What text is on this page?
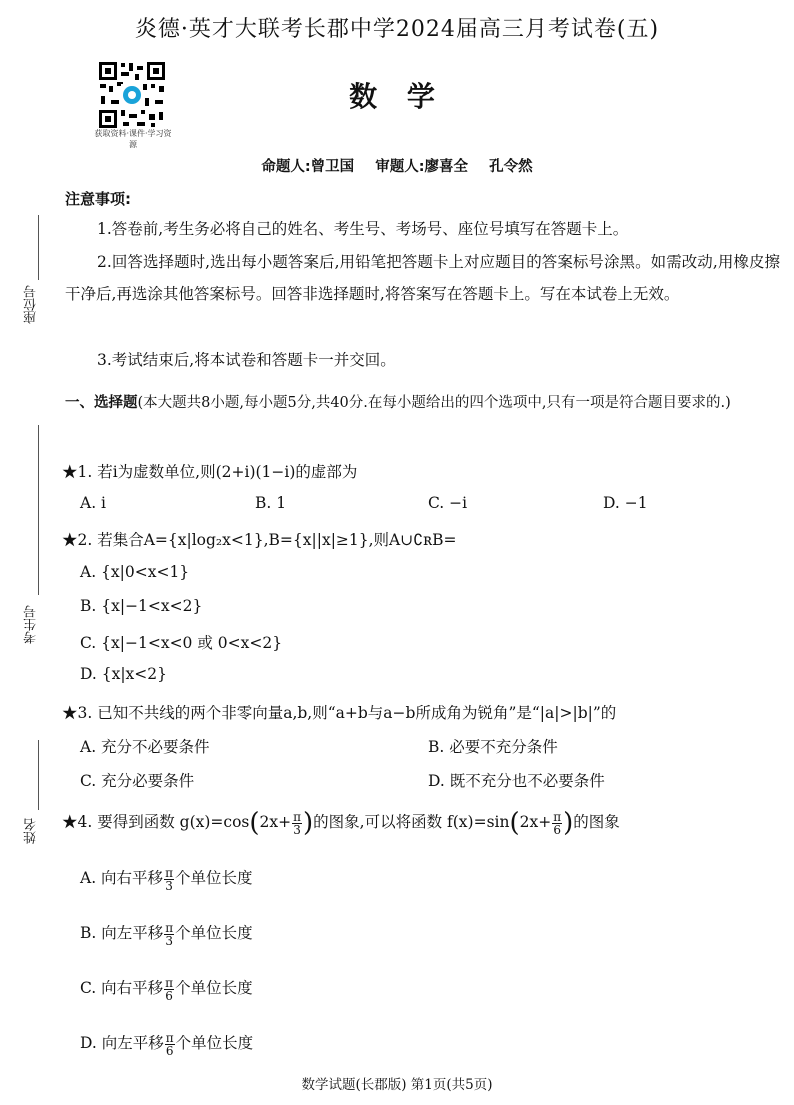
炎德·英才大联考长郡中学2024届高三月考试卷(五)
获取资料·课件·学习资源
数 学
命题人:曾卫国 审题人:廖喜全 孔令然
座位号
考生号
姓名
注意事项:
1.答卷前,考生务必将自己的姓名、考生号、考场号、座位号填写在答题卡上。
2.回答选择题时,选出每小题答案后,用铅笔把答题卡上对应题目的答案标号涂黑。如需改动,用橡皮擦干净后,再选涂其他答案标号。回答非选择题时,将答案写在答题卡上。写在本试卷上无效。
3.考试结束后,将本试卷和答题卡一并交回。
一、选择题(本大题共8小题,每小题5分,共40分.在每小题给出的四个选项中,只有一项是符合题目要求的.)
★1. 若i为虚数单位,则(2+i)(1−i)的虚部为
A. i	B. 1	C. −i	D. −1
★2. 若集合A={x|log₂x<1},B={x||x|≥1},则A∪∁ʀB=
A. {x|0<x<1}
B. {x|−1<x<2}
C. {x|−1<x<0 或 0<x<2}
D. {x|x<2}
★3. 已知不共线的两个非零向量a,b,则“a+b与a−b所成角为锐角”是“|a|>|b|”的
A. 充分不必要条件	B. 必要不充分条件
C. 充分必要条件	D. 既不充分也不必要条件
★4. 要得到函数 $g(x)=\cos(2x+ \frac{\pi}{3}$ )的图象,可以将函数 $f(x)=\sin(2x+ \frac{\pi}{6}$ )的图象
A. 向右平移 $\frac{\pi}{3}$ 个单位长度
B. 向左平移 $\frac{\pi}{3}$ 个单位长度
C. 向右平移 $\frac{\pi}{6}$ 个单位长度
D. 向左平移 $\frac{\pi}{6}$ 个单位长度
数学试题(长郡版) 第1页(共5页)
